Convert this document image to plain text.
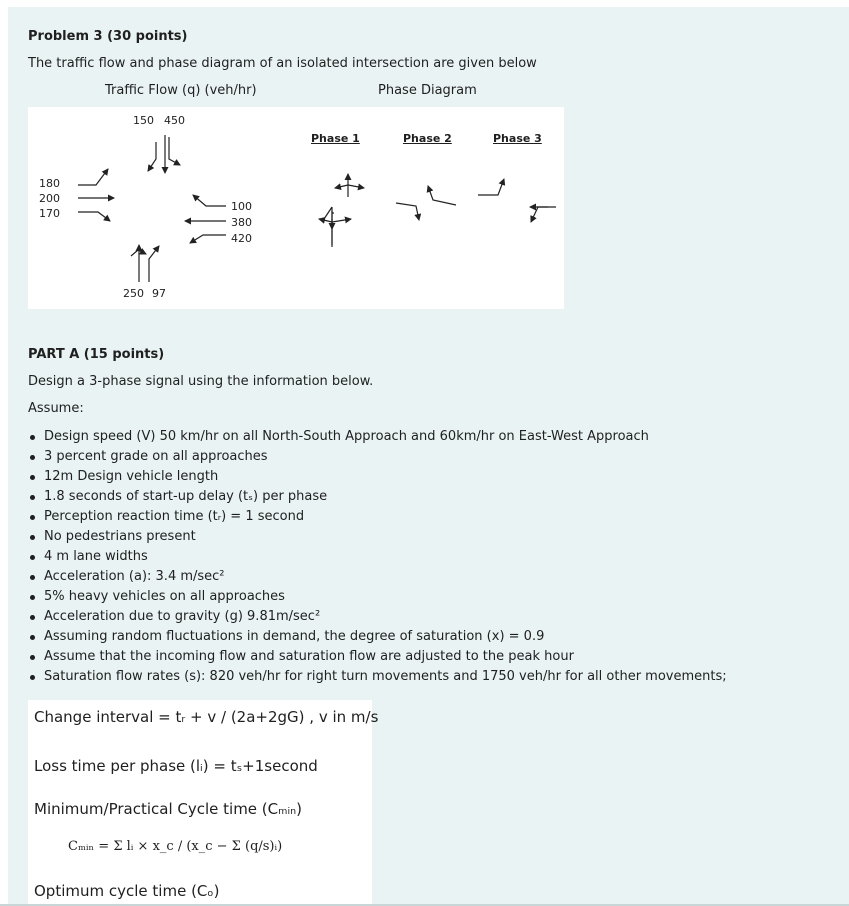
Problem 3 (30 points)
The traffic flow and phase diagram of an isolated intersection are given below
Traffic Flow (q) (veh/hr)	Phase Diagram
150 450
180
200
170
100
380
420
250 97
Phase 1	Phase 2	Phase 3
PART A (15 points)
Design a 3-phase signal using the information below.
Assume:
Design speed (V) 50 km/hr on all North-South Approach and 60km/hr on East-West Approach
3 percent grade on all approaches
12m Design vehicle length
1.8 seconds of start-up delay (tₛ) per phase
Perception reaction time (tᵣ) = 1 second
No pedestrians present
4 m lane widths
Acceleration (a): 3.4 m/sec²
5% heavy vehicles on all approaches
Acceleration due to gravity (g) 9.81m/sec²
Assuming random fluctuations in demand, the degree of saturation (x) = 0.9
Assume that the incoming flow and saturation flow are adjusted to the peak hour
Saturation flow rates (s): 820 veh/hr for right turn movements and 1750 veh/hr for all other movements;
Change interval = tᵣ + v / (2a+2gG) , v in m/s
Loss time per phase (lᵢ) = tₛ+1second
Minimum/Practical Cycle time (Cₘᵢₙ)
Cₘᵢₙ = Σ lᵢ × x_c / (x_c − Σ (q/s)ᵢ)
Optimum cycle time (Cₒ)
